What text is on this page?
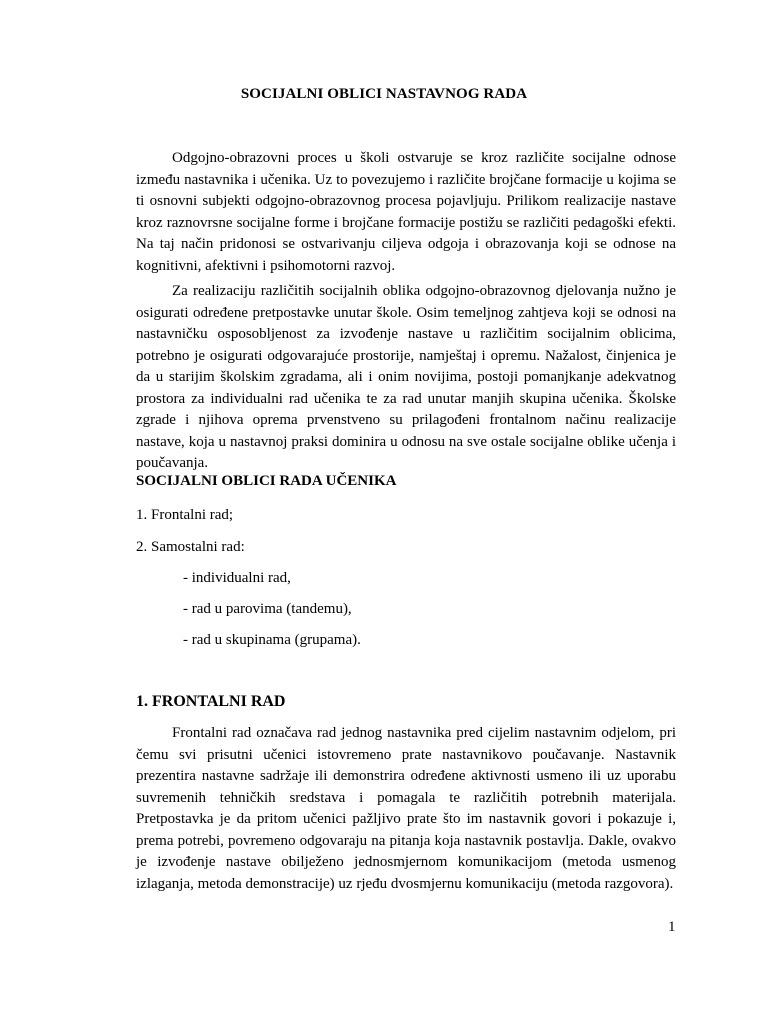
SOCIJALNI OBLICI NASTAVNOG RADA

Odgojno-obrazovni proces u školi ostvaruje se kroz različite socijalne odnose između nastavnika i učenika. Uz to povezujemo i različite brojčane formacije u kojima se ti osnovni subjekti odgojno-obrazovnog procesa pojavljuju. Prilikom realizacije nastave kroz raznovrsne socijalne forme i brojčane formacije postižu se različiti pedagoški efekti. Na taj način pridonosi se ostvarivanju ciljeva odgoja i obrazovanja koji se odnose na kognitivni, afektivni i psihomotorni razvoj.

Za realizaciju različitih socijalnih oblika odgojno-obrazovnog djelovanja nužno je osigurati određene pretpostavke unutar škole. Osim temeljnog zahtjeva koji se odnosi na nastavničku osposobljenost za izvođenje nastave u različitim socijalnim oblicima, potrebno je osigurati odgovarajuće prostorije, namještaj i opremu. Nažalost, činjenica je da u starijim školskim zgradama, ali i onim novijima, postoji pomanjkanje adekvatnog prostora za individualni rad učenika te za rad unutar manjih skupina učenika. Školske zgrade i njihova oprema prvenstveno su prilagođeni frontalnom načinu realizacije nastave, koja u nastavnoj praksi dominira u odnosu na sve ostale socijalne oblike učenja i poučavanja.

SOCIJALNI OBLICI RADA UČENIKA
1. Frontalni rad;
2. Samostalni rad:
- individualni rad,
- rad u parovima (tandemu),
- rad u skupinama (grupama).
1. FRONTALNI RAD

Frontalni rad označava rad jednog nastavnika pred cijelim nastavnim odjelom, pri čemu svi prisutni učenici istovremeno prate nastavnikovo poučavanje. Nastavnik prezentira nastavne sadržaje ili demonstrira određene aktivnosti usmeno ili uz uporabu suvremenih tehničkih sredstava i pomagala te različitih potrebnih materijala. Pretpostavka je da pritom učenici pažljivo prate što im nastavnik govori i pokazuje i, prema potrebi, povremeno odgovaraju na pitanja koja nastavnik postavlja. Dakle, ovakvo je izvođenje nastave obilježeno jednosmjernom komunikacijom (metoda usmenog izlaganja, metoda demonstracije) uz rjeđu dvosmjernu komunikaciju (metoda razgovora).

1
